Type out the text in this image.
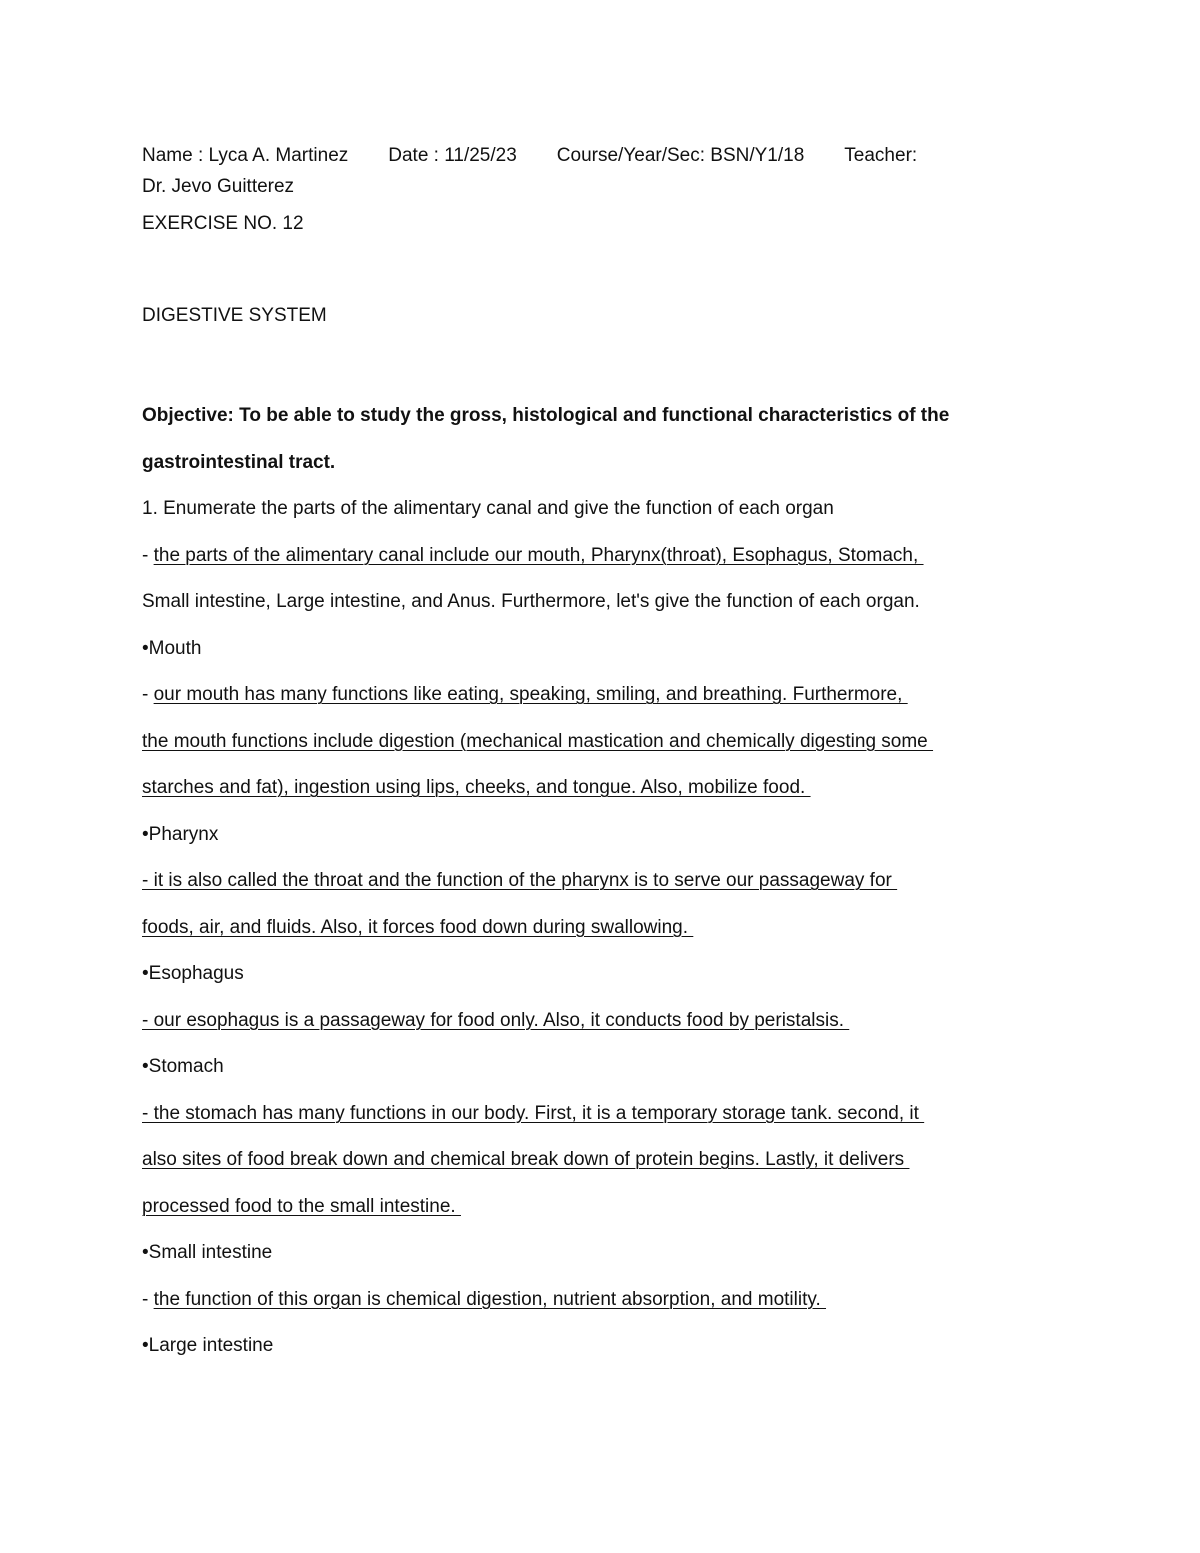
Name : Lyca A. Martinez Date : 11/25/23 Course/Year/Sec: BSN/Y1/18 Teacher:
Dr. Jevo Guitterez

EXERCISE NO. 12

DIGESTIVE SYSTEM

Objective: To be able to study the gross, histological and functional characteristics of the
gastrointestinal tract.

1. Enumerate the parts of the alimentary canal and give the function of each organ

- the parts of the alimentary canal include our mouth, Pharynx(throat), Esophagus, Stomach,

Small intestine, Large intestine, and Anus. Furthermore, let's give the function of each organ.

•Mouth

- our mouth has many functions like eating, speaking, smiling, and breathing. Furthermore,

the mouth functions include digestion (mechanical mastication and chemically digesting some

starches and fat), ingestion using lips, cheeks, and tongue. Also, mobilize food.

•Pharynx

- it is also called the throat and the function of the pharynx is to serve our passageway for

foods, air, and fluids. Also, it forces food down during swallowing.

•Esophagus

- our esophagus is a passageway for food only. Also, it conducts food by peristalsis.

•Stomach

- the stomach has many functions in our body. First, it is a temporary storage tank. second, it

also sites of food break down and chemical break down of protein begins. Lastly, it delivers

processed food to the small intestine.

•Small intestine

- the function of this organ is chemical digestion, nutrient absorption, and motility.

•Large intestine
